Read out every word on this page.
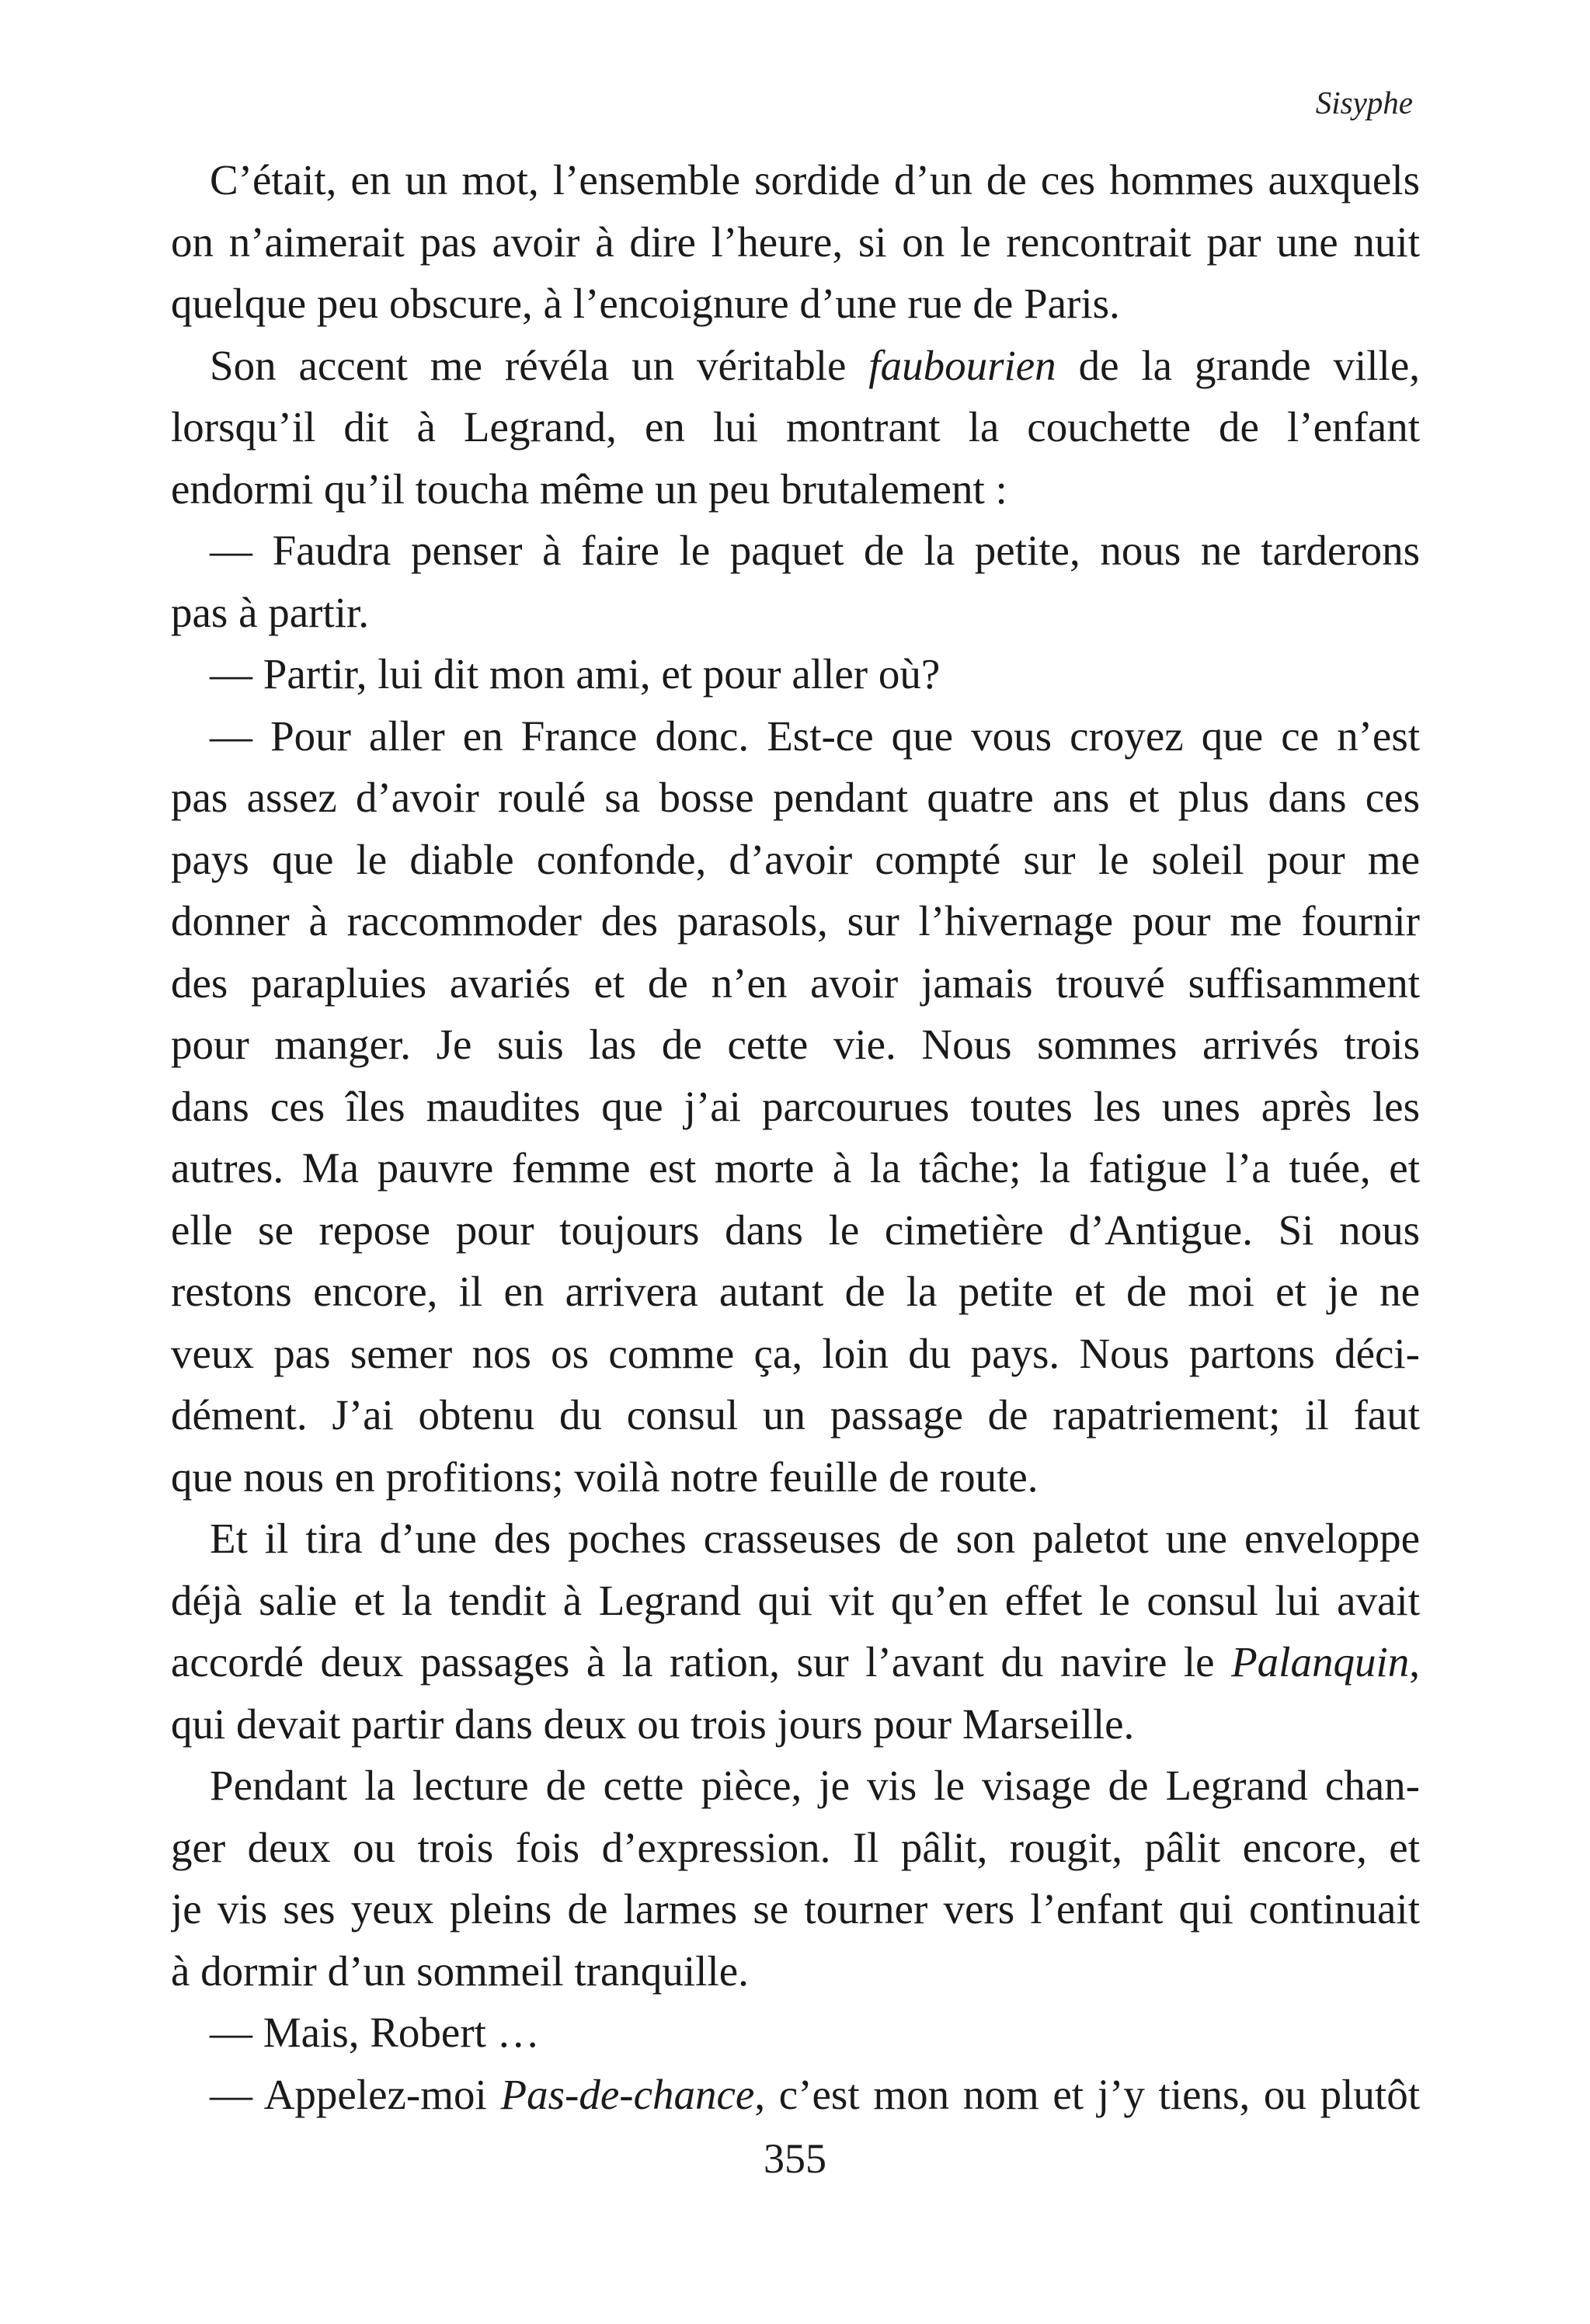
Sisyphe
C’était, en un mot, l’ensemble sordide d’un de ces hommes auxquels
on n’aimerait pas avoir à dire l’heure, si on le rencontrait par une nuit
quelque peu obscure, à l’encoignure d’une rue de Paris.
Son accent me révéla un véritable faubourien de la grande ville,
lorsqu’il dit à Legrand, en lui montrant la couchette de l’enfant
endormi qu’il toucha même un peu brutalement :
— Faudra penser à faire le paquet de la petite, nous ne tarderons
pas à partir.
— Partir, lui dit mon ami, et pour aller où?
— Pour aller en France donc. Est-ce que vous croyez que ce n’est
pas assez d’avoir roulé sa bosse pendant quatre ans et plus dans ces
pays que le diable confonde, d’avoir compté sur le soleil pour me
donner à raccommoder des parasols, sur l’hivernage pour me fournir
des parapluies avariés et de n’en avoir jamais trouvé suffisamment
pour manger. Je suis las de cette vie. Nous sommes arrivés trois
dans ces îles maudites que j’ai parcourues toutes les unes après les
autres. Ma pauvre femme est morte à la tâche; la fatigue l’a tuée, et
elle se repose pour toujours dans le cimetière d’Antigue. Si nous
restons encore, il en arrivera autant de la petite et de moi et je ne
veux pas semer nos os comme ça, loin du pays. Nous partons déci-
dément. J’ai obtenu du consul un passage de rapatriement; il faut
que nous en profitions; voilà notre feuille de route.
Et il tira d’une des poches crasseuses de son paletot une enveloppe
déjà salie et la tendit à Legrand qui vit qu’en effet le consul lui avait
accordé deux passages à la ration, sur l’avant du navire le Palanquin,
qui devait partir dans deux ou trois jours pour Marseille.
Pendant la lecture de cette pièce, je vis le visage de Legrand chan-
ger deux ou trois fois d’expression. Il pâlit, rougit, pâlit encore, et
je vis ses yeux pleins de larmes se tourner vers l’enfant qui continuait
à dormir d’un sommeil tranquille.
— Mais, Robert …
— Appelez-moi Pas-de-chance, c’est mon nom et j’y tiens, ou plutôt
355
